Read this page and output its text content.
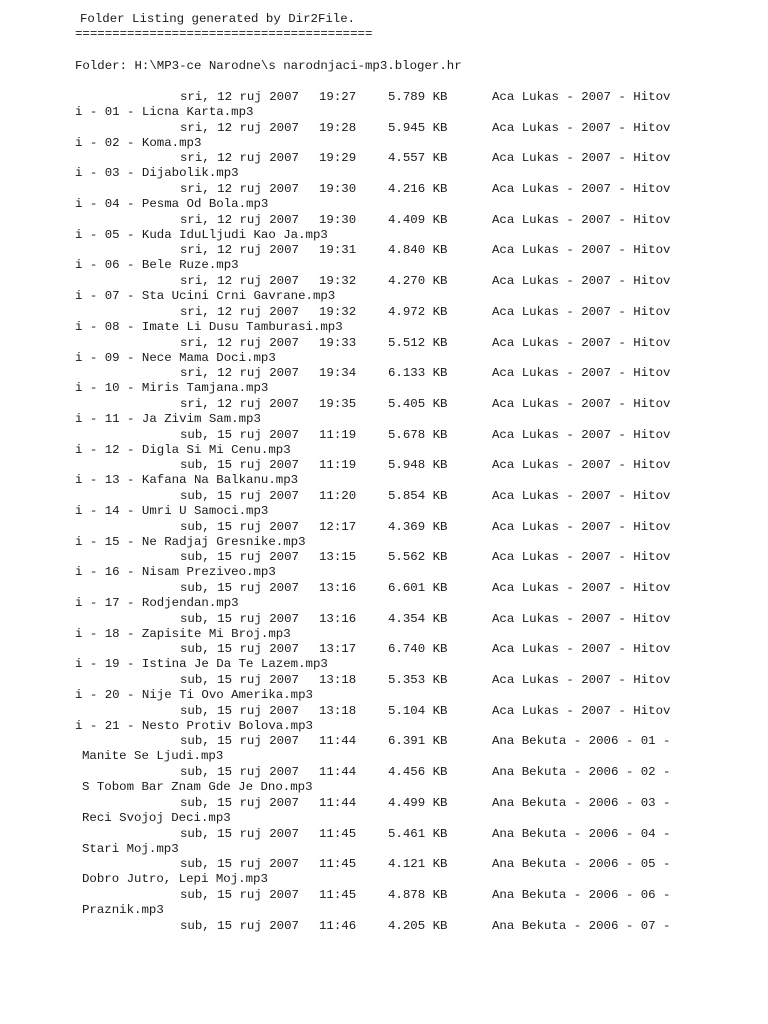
Folder Listing generated by Dir2File.
========================================
Folder: H:\MP3-ce Narodne\s narodnjaci-mp3.bloger.hr
sri, 12 ruj 2007 19:27	5.789 KB	Aca Lukas - 2007 - Hitov
i - 01 - Licna Karta.mp3
sri, 12 ruj 2007 19:28	5.945 KB	Aca Lukas - 2007 - Hitov
i - 02 - Koma.mp3
sri, 12 ruj 2007 19:29	4.557 KB	Aca Lukas - 2007 - Hitov
i - 03 - Dijabolik.mp3
sri, 12 ruj 2007 19:30	4.216 KB	Aca Lukas - 2007 - Hitov
i - 04 - Pesma Od Bola.mp3
sri, 12 ruj 2007 19:30	4.409 KB	Aca Lukas - 2007 - Hitov
i - 05 - Kuda IduLljudi Kao Ja.mp3
sri, 12 ruj 2007 19:31	4.840 KB	Aca Lukas - 2007 - Hitov
i - 06 - Bele Ruze.mp3
sri, 12 ruj 2007 19:32	4.270 KB	Aca Lukas - 2007 - Hitov
i - 07 - Sta Ucini Crni Gavrane.mp3
sri, 12 ruj 2007 19:32	4.972 KB	Aca Lukas - 2007 - Hitov
i - 08 - Imate Li Dusu Tamburasi.mp3
sri, 12 ruj 2007 19:33	5.512 KB	Aca Lukas - 2007 - Hitov
i - 09 - Nece Mama Doci.mp3
sri, 12 ruj 2007 19:34	6.133 KB	Aca Lukas - 2007 - Hitov
i - 10 - Miris Tamjana.mp3
sri, 12 ruj 2007 19:35	5.405 KB	Aca Lukas - 2007 - Hitov
i - 11 - Ja Zivim Sam.mp3
sub, 15 ruj 2007 11:19	5.678 KB	Aca Lukas - 2007 - Hitov
i - 12 - Digla Si Mi Cenu.mp3
sub, 15 ruj 2007 11:19	5.948 KB	Aca Lukas - 2007 - Hitov
i - 13 - Kafana Na Balkanu.mp3
sub, 15 ruj 2007 11:20	5.854 KB	Aca Lukas - 2007 - Hitov
i - 14 - Umri U Samoci.mp3
sub, 15 ruj 2007 12:17	4.369 KB	Aca Lukas - 2007 - Hitov
i - 15 - Ne Radjaj Gresnike.mp3
sub, 15 ruj 2007 13:15	5.562 KB	Aca Lukas - 2007 - Hitov
i - 16 - Nisam Preziveo.mp3
sub, 15 ruj 2007 13:16	6.601 KB	Aca Lukas - 2007 - Hitov
i - 17 - Rodjendan.mp3
sub, 15 ruj 2007 13:16	4.354 KB	Aca Lukas - 2007 - Hitov
i - 18 - Zapisite Mi Broj.mp3
sub, 15 ruj 2007 13:17	6.740 KB	Aca Lukas - 2007 - Hitov
i - 19 - Istina Je Da Te Lazem.mp3
sub, 15 ruj 2007 13:18	5.353 KB	Aca Lukas - 2007 - Hitov
i - 20 - Nije Ti Ovo Amerika.mp3
sub, 15 ruj 2007 13:18	5.104 KB	Aca Lukas - 2007 - Hitov
i - 21 - Nesto Protiv Bolova.mp3
sub, 15 ruj 2007 11:44	6.391 KB	Ana Bekuta - 2006 - 01 -
Manite Se Ljudi.mp3
sub, 15 ruj 2007 11:44	4.456 KB	Ana Bekuta - 2006 - 02 -
S Tobom Bar Znam Gde Je Dno.mp3
sub, 15 ruj 2007 11:44	4.499 KB	Ana Bekuta - 2006 - 03 -
Reci Svojoj Deci.mp3
sub, 15 ruj 2007 11:45	5.461 KB	Ana Bekuta - 2006 - 04 -
Stari Moj.mp3
sub, 15 ruj 2007 11:45	4.121 KB	Ana Bekuta - 2006 - 05 -
Dobro Jutro, Lepi Moj.mp3
sub, 15 ruj 2007 11:45	4.878 KB	Ana Bekuta - 2006 - 06 -
Praznik.mp3
sub, 15 ruj 2007 11:46	4.205 KB	Ana Bekuta - 2006 - 07 -
